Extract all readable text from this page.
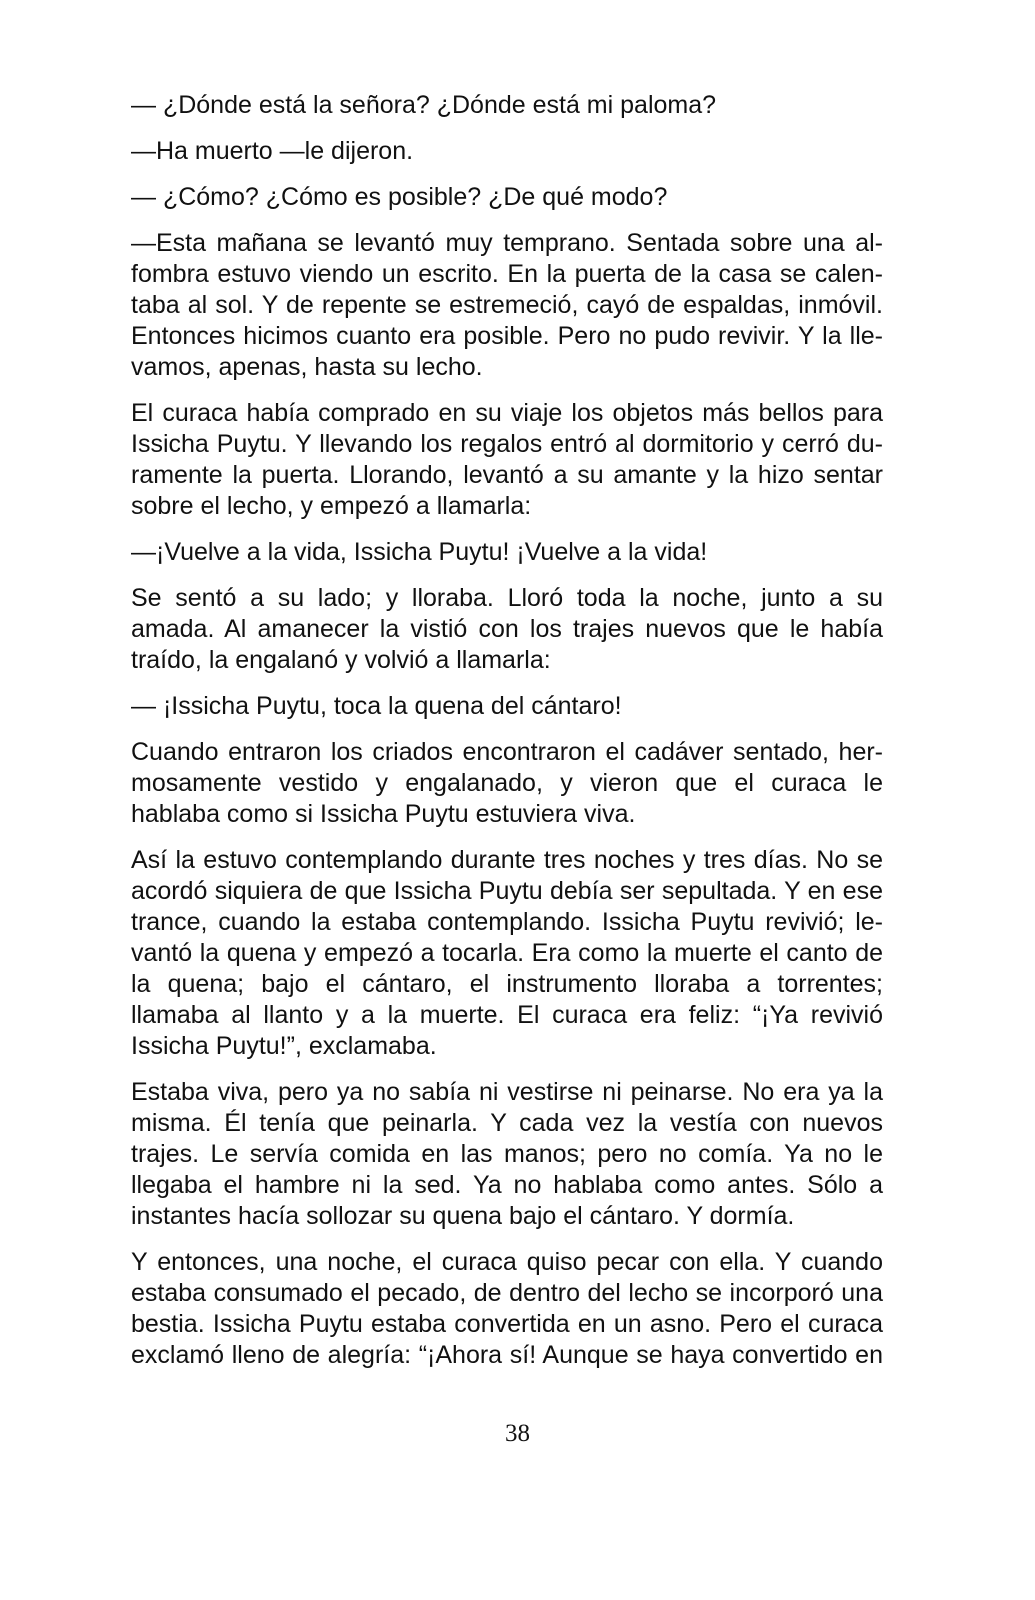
— ¿Dónde está la señora? ¿Dónde está mi paloma?

—Ha muerto —le dijeron.

— ¿Cómo? ¿Cómo es posible? ¿De qué modo?

—Esta mañana se levantó muy temprano. Sentada sobre una alfombra estuvo viendo un escrito. En la puerta de la casa se calentaba al sol. Y de repente se estremeció, cayó de espaldas, inmóvil. Entonces hicimos cuanto era posible. Pero no pudo revivir. Y la llevamos, apenas, hasta su lecho.

El curaca había comprado en su viaje los objetos más bellos para Issicha Puytu. Y llevando los regalos entró al dormitorio y cerró duramente la puerta. Llorando, levantó a su amante y la hizo sentar sobre el lecho, y empezó a llamarla:

—¡Vuelve a la vida, Issicha Puytu! ¡Vuelve a la vida!

Se sentó a su lado; y lloraba. Lloró toda la noche, junto a su amada. Al amanecer la vistió con los trajes nuevos que le había traído, la engalanó y volvió a llamarla:

— ¡Issicha Puytu, toca la quena del cántaro!

Cuando entraron los criados encontraron el cadáver sentado, hermosamente vestido y engalanado, y vieron que el curaca le hablaba como si Issicha Puytu estuviera viva.

Así la estuvo contemplando durante tres noches y tres días. No se acordó siquiera de que Issicha Puytu debía ser sepultada. Y en ese trance, cuando la estaba contemplando. Issicha Puytu revivió; levantó la quena y empezó a tocarla. Era como la muerte el canto de la quena; bajo el cántaro, el instrumento lloraba a torrentes; llamaba al llanto y a la muerte. El curaca era feliz: “¡Ya revivió Issicha Puytu!”, exclamaba.

Estaba viva, pero ya no sabía ni vestirse ni peinarse. No era ya la misma. Él tenía que peinarla. Y cada vez la vestía con nuevos trajes. Le servía comida en las manos; pero no comía. Ya no le llegaba el hambre ni la sed. Ya no hablaba como antes. Sólo a instantes hacía sollozar su quena bajo el cántaro. Y dormía.

Y entonces, una noche, el curaca quiso pecar con ella. Y cuando estaba consumado el pecado, de dentro del lecho se incorporó una bestia. Issicha Puytu estaba convertida en un asno. Pero el curaca exclamó lleno de alegría: “¡Ahora sí! Aunque se haya convertido en

38
